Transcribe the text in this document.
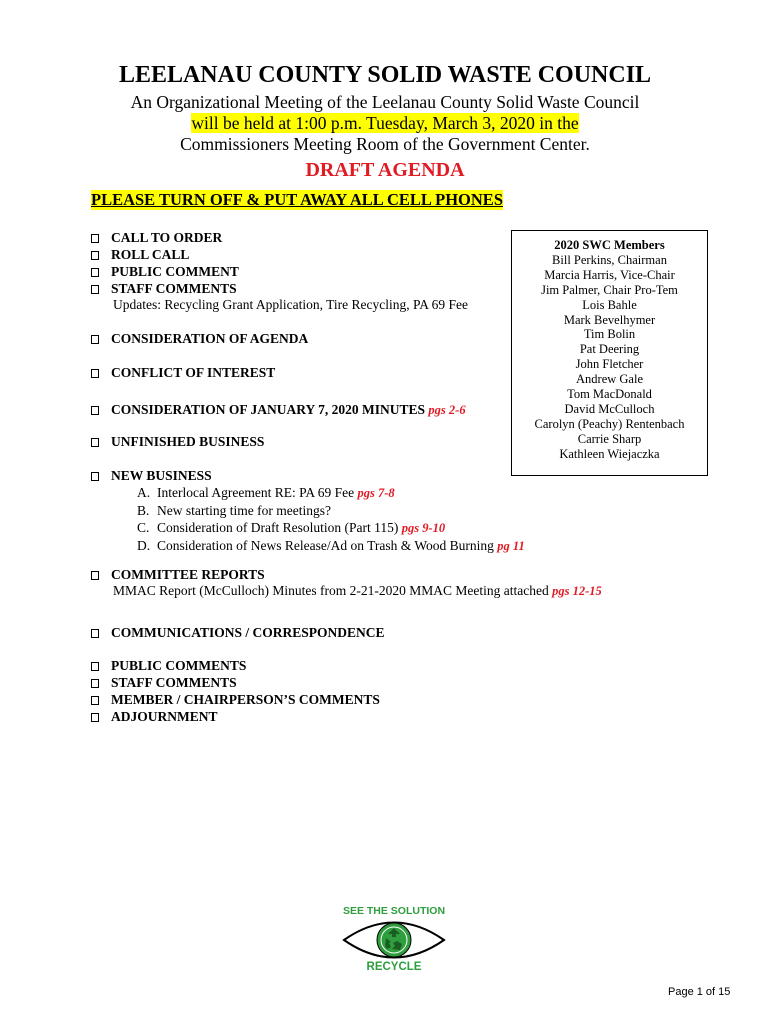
LEELANAU COUNTY SOLID WASTE COUNCIL
An Organizational Meeting of the Leelanau County Solid Waste Council
will be held at 1:00 p.m. Tuesday, March 3, 2020 in the
Commissioners Meeting Room of the Government Center.
DRAFT AGENDA
PLEASE TURN OFF & PUT AWAY ALL CELL PHONES
CALL TO ORDER
ROLL CALL
PUBLIC COMMENT
STAFF COMMENTS
Updates: Recycling Grant Application, Tire Recycling, PA 69 Fee
CONSIDERATION OF AGENDA
CONFLICT OF INTEREST
CONSIDERATION OF JANUARY 7, 2020 MINUTES pgs 2-6
UNFINISHED BUSINESS
NEW BUSINESS
A. Interlocal Agreement RE: PA 69 Fee pgs 7-8
B. New starting time for meetings?
C. Consideration of Draft Resolution (Part 115) pgs 9-10
D. Consideration of News Release/Ad on Trash & Wood Burning pg 11
COMMITTEE REPORTS
MMAC Report (McCulloch) Minutes from 2-21-2020 MMAC Meeting attached pgs 12-15
COMMUNICATIONS / CORRESPONDENCE
PUBLIC COMMENTS
STAFF COMMENTS
MEMBER / CHAIRPERSON’S COMMENTS
ADJOURNMENT
2020 SWC Members
Bill Perkins, Chairman
Marcia Harris, Vice-Chair
Jim Palmer, Chair Pro-Tem
Lois Bahle
Mark Bevelhymer
Tim Bolin
Pat Deering
John Fletcher
Andrew Gale
Tom MacDonald
David McCulloch
Carolyn (Peachy) Rentenbach
Carrie Sharp
Kathleen Wiejaczka
SEE THE SOLUTION
RECYCLE
Page 1 of 15
